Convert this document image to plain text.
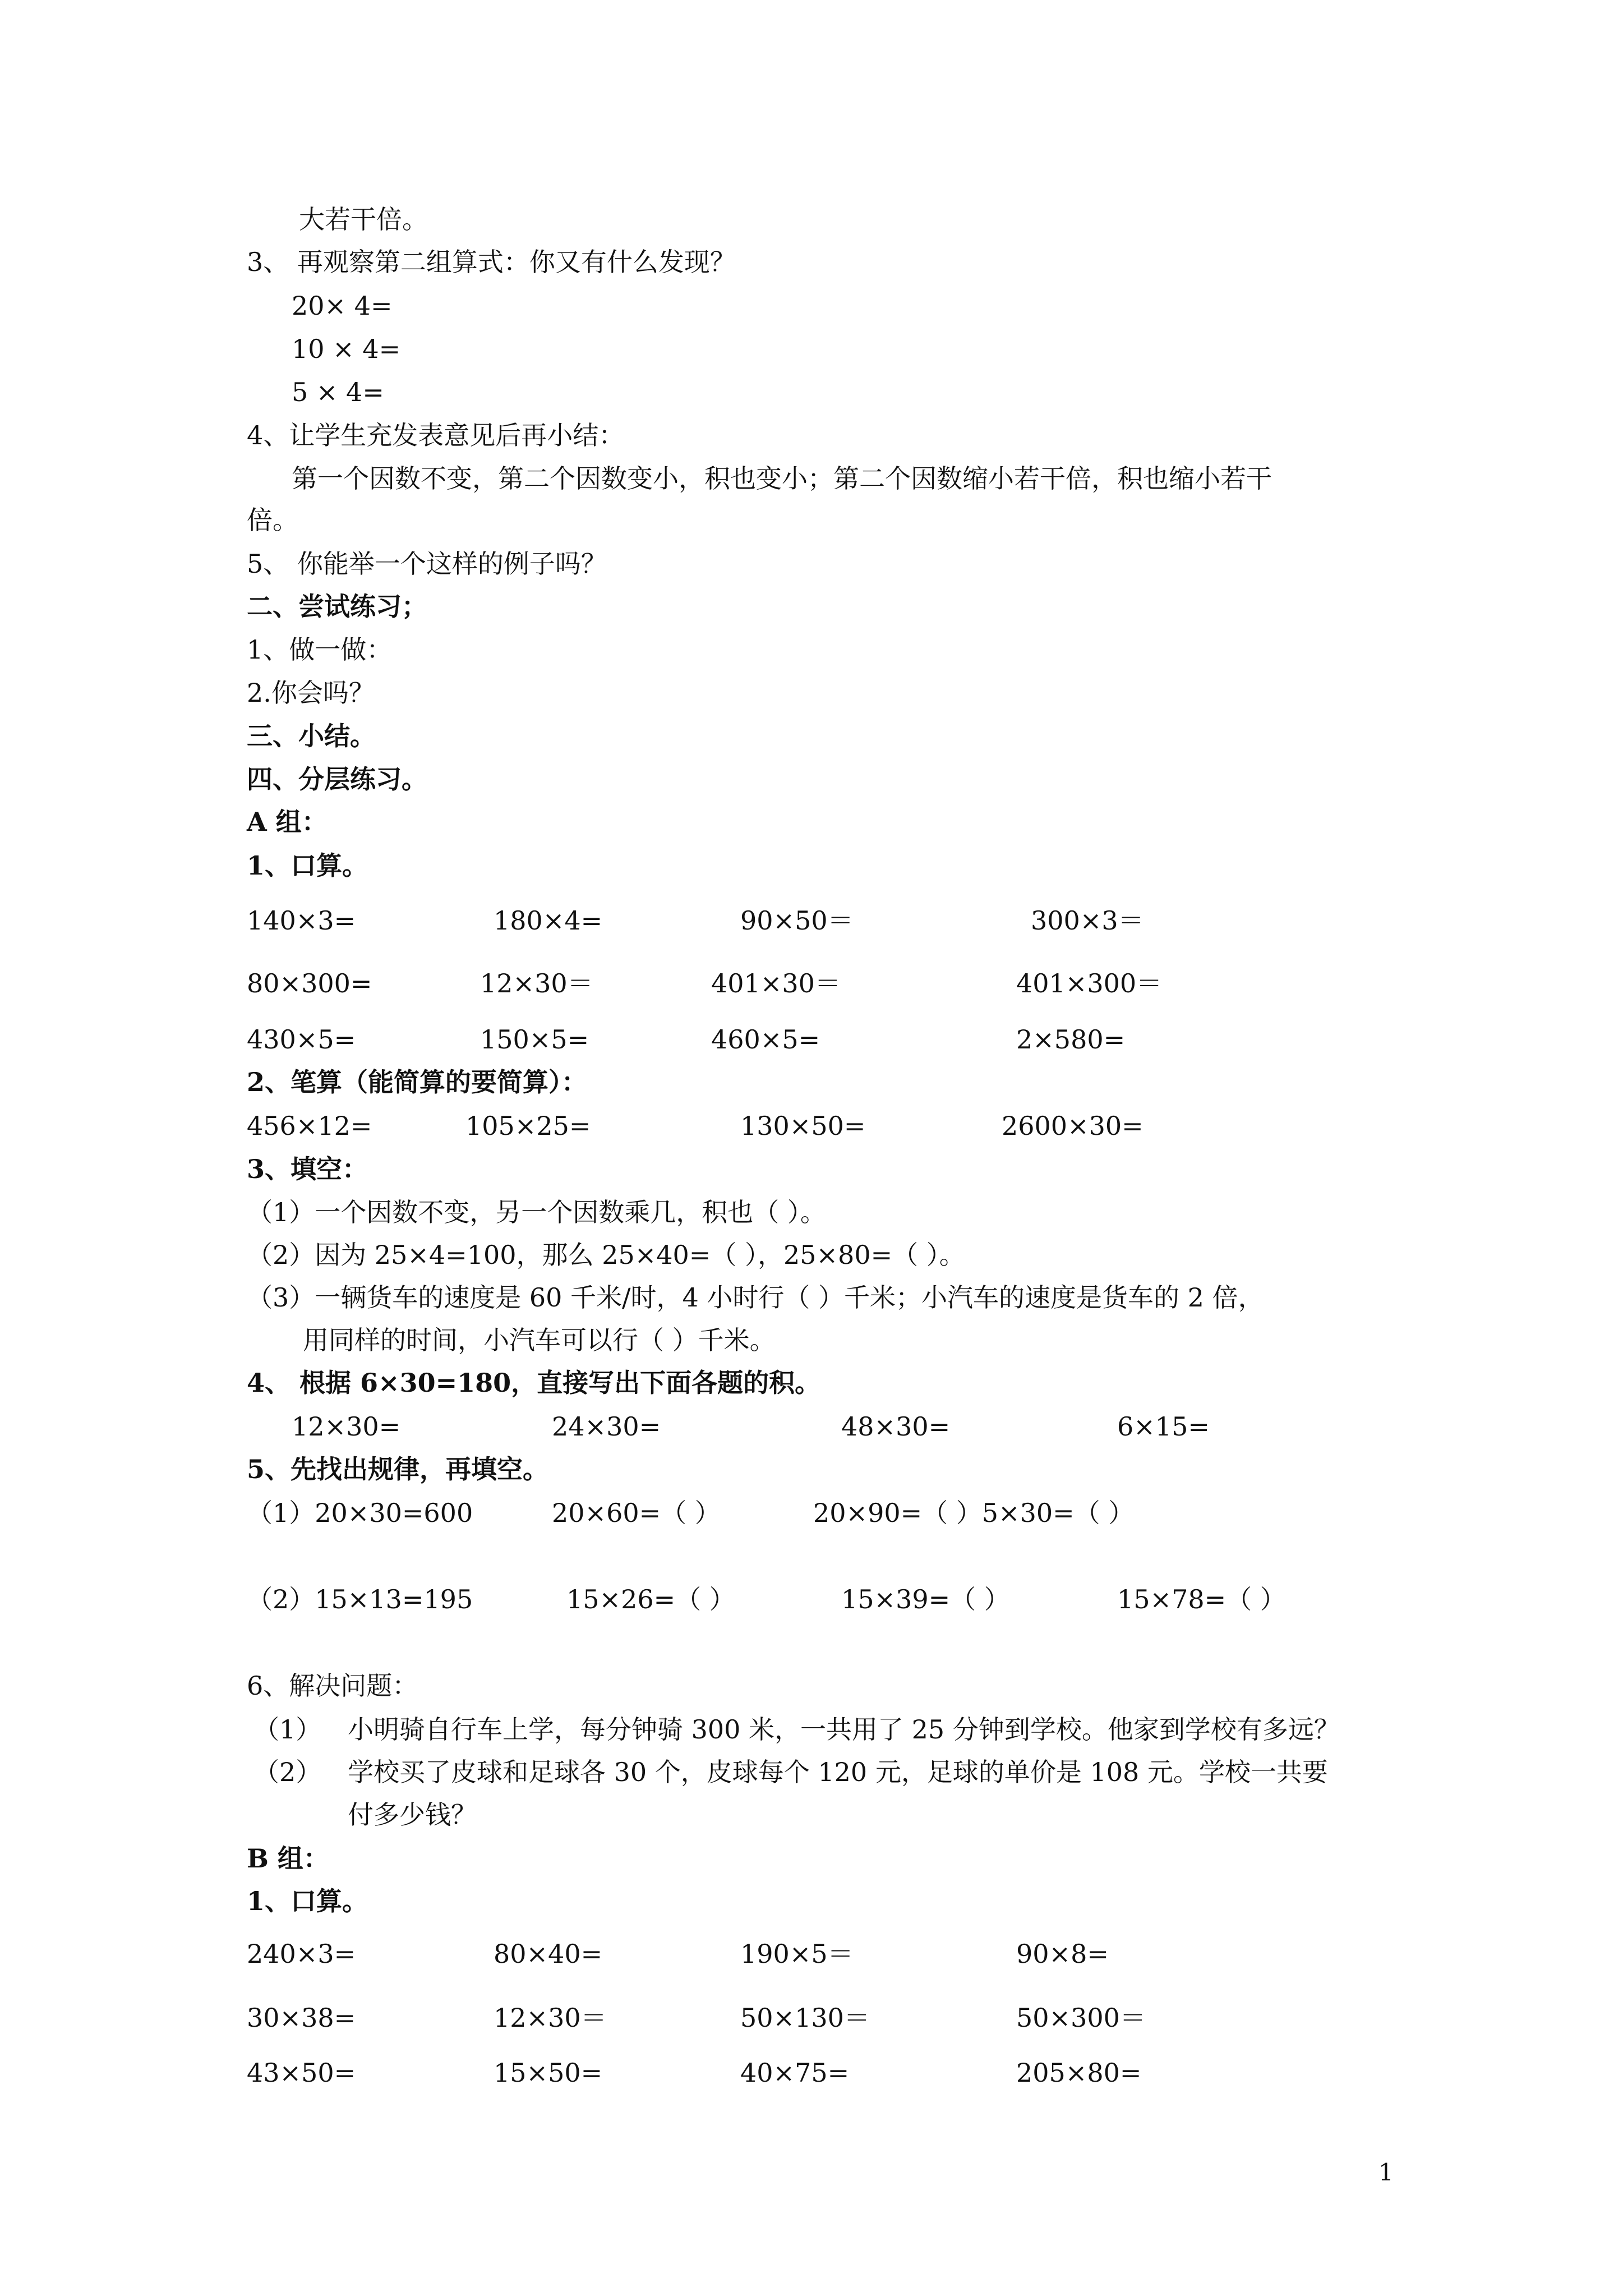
大若干倍。
3、 再观察第二组算式：你又有什么发现？
20× 4=
10 × 4=
5 × 4=
4、让学生充发表意见后再小结：
第一个因数不变，第二个因数变小，积也变小；第二个因数缩小若干倍，积也缩小若干
倍。
5、 你能举一个这样的例子吗？
二、尝试练习；
1、做一做：
2.你会吗？
三、小结。
四、分层练习。
A 组：
1、口算。
140×3=	180×4=	90×50＝	300×3＝
80×300=	12×30＝	401×30＝	401×300＝
430×5=	150×5=	460×5=	2×580=
2、笔算（能简算的要简算）：
456×12=	105×25=	130×50=	2600×30=
3、填空：
（1）一个因数不变，另一个因数乘几，积也（ ）。
（2）因为 25×4=100，那么 25×40=（ ），25×80=（ ）。
（3）一辆货车的速度是 60 千米/时，4 小时行（ ）千米；小汽车的速度是货车的 2 倍，
用同样的时间，小汽车可以行（ ）千米。
4、 根据 6×30=180，直接写出下面各题的积。
12×30=	24×30=	48×30=	6×15=
5、先找出规律，再填空。
（1）20×30=600	20×60=（ ）	20×90=（ ）5×30=（ ）
（2）15×13=195	15×26=（ ）	15×39=（ ）	15×78=（ ）
6、解决问题：
（1） 小明骑自行车上学，每分钟骑 300 米，一共用了 25 分钟到学校。他家到学校有多远？
（2） 学校买了皮球和足球各 30 个，皮球每个 120 元，足球的单价是 108 元。学校一共要
付多少钱？
B 组：
1、口算。
240×3=	80×40=	190×5＝	90×8=
30×38=	12×30＝	50×130＝	50×300＝
43×50=	15×50=	40×75=	205×80=
1
